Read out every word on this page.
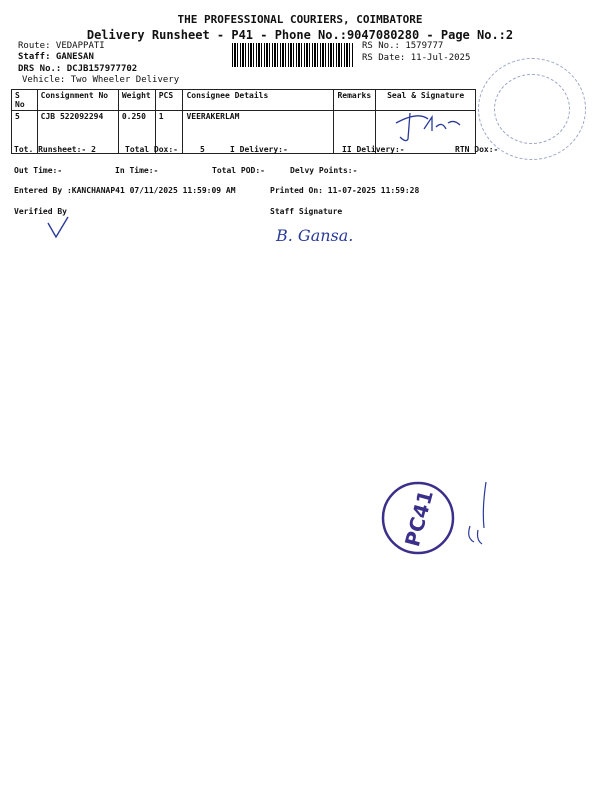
THE PROFESSIONAL COURIERS, COIMBATORE
Delivery Runsheet - P41 - Phone No.:9047080280 - Page No.:2
Route: VEDAPPATI
Staff: GANESAN
DRS No.: DCJB157977702
Vehicle: Two Wheeler Delivery
RS No.: 1579777
RS Date: 11-Jul-2025
S No	Consignment No	Weight	PCS	Consignee Details	Remarks	Seal & Signature
5	CJB 522092294	0.250	1	VEERAKERLAM		
Tot. Runsheet:- 2	Total Dox:-	5	I Delivery:-	II Delivery:-	RTN Dox:-
Out Time:-	In Time:-	Total POD:-	Delvy Points:-
Entered By :KANCHANAP41 07/11/2025 11:59:09 AM	Printed On: 11-07-2025 11:59:28
Verified By	Staff Signature
B. Gansa.
PC41
